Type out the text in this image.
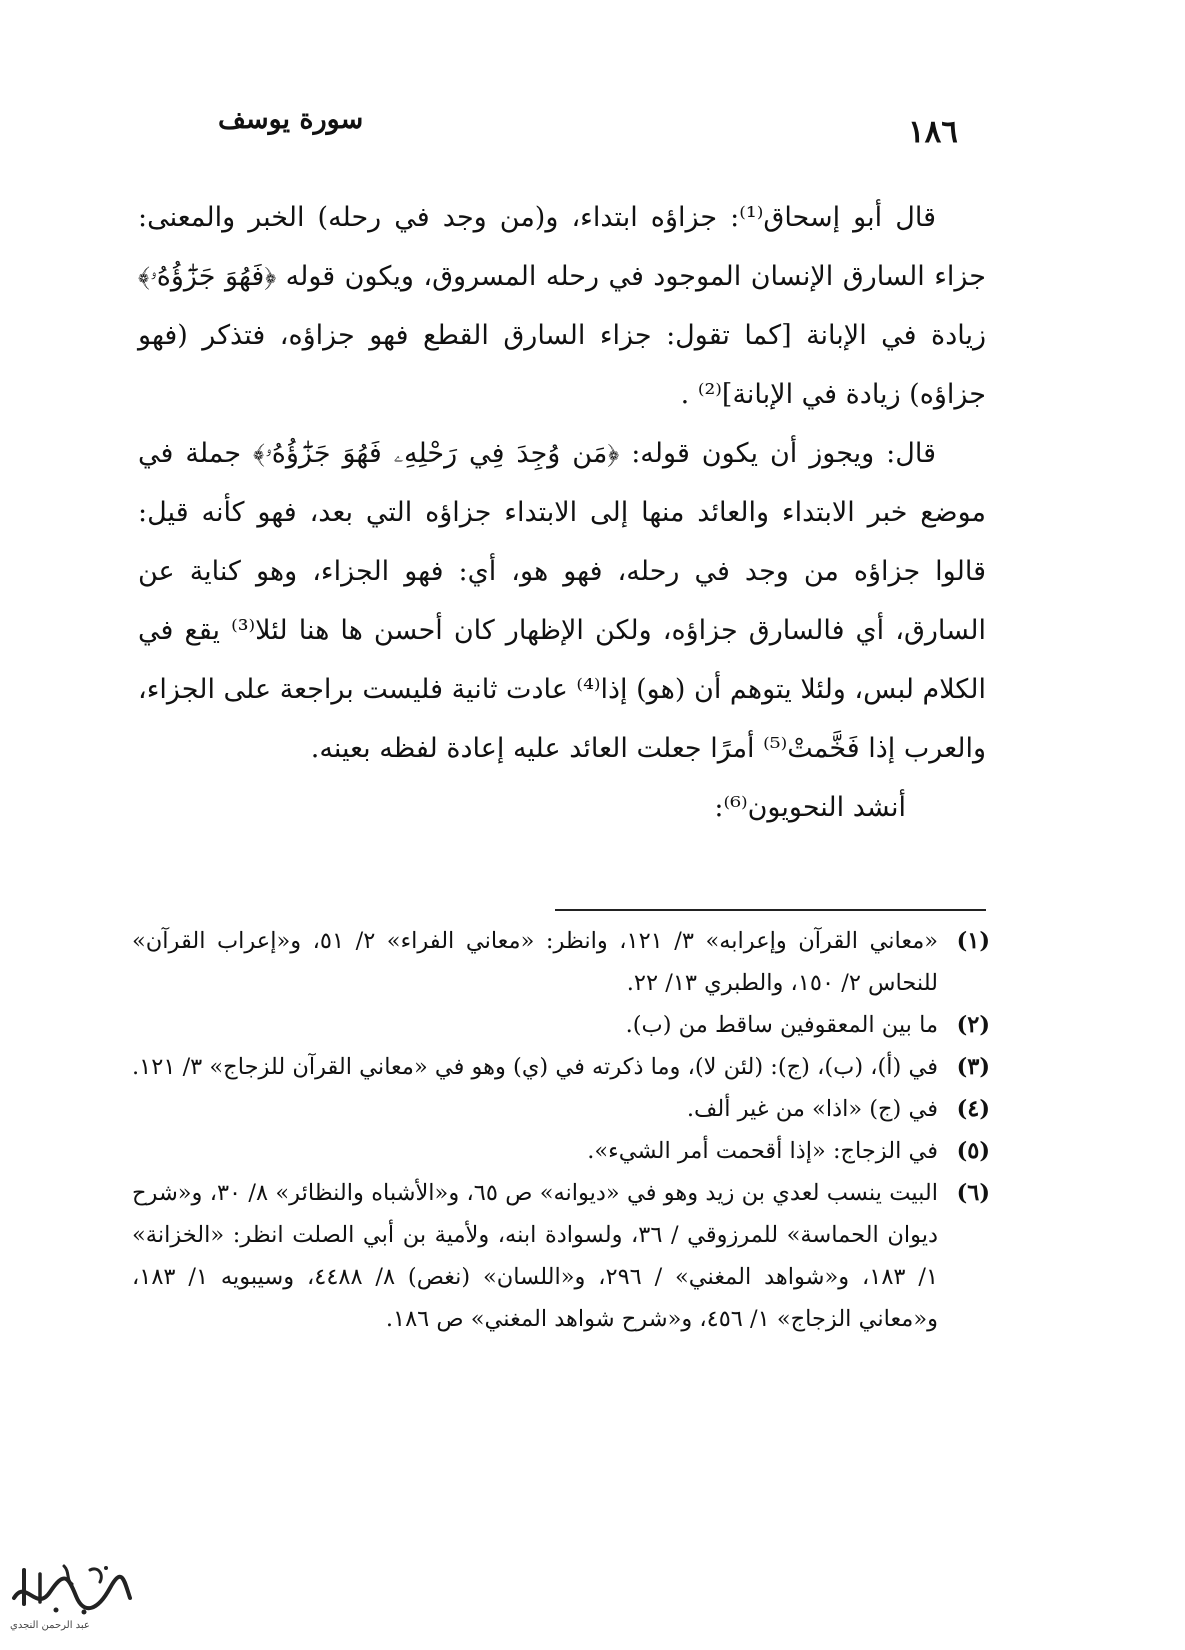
سورة يوسف	١٨٦

قال أبو إسحاق⁽¹⁾: جزاؤه ابتداء، و(من وجد في رحله) الخبر والمعنى: جزاء السارق الإنسان الموجود في رحله المسروق، ويكون قوله ﴿فَهُوَ جَزَٰٓؤُهُۥ﴾ زيادة في الإبانة [كما تقول: جزاء السارق القطع فهو جزاؤه، فتذكر (فهو جزاؤه) زيادة في الإبانة]⁽²⁾ .

قال: ويجوز أن يكون قوله: ﴿مَن وُجِدَ فِي رَحْلِهِۦ فَهُوَ جَزَٰٓؤُهُۥ﴾ جملة في موضع خبر الابتداء والعائد منها إلى الابتداء جزاؤه التي بعد، فهو كأنه قيل: قالوا جزاؤه من وجد في رحله، فهو هو، أي: فهو الجزاء، وهو كناية عن السارق، أي فالسارق جزاؤه، ولكن الإظهار كان أحسن ها هنا لئلا⁽³⁾ يقع في الكلام لبس، ولئلا يتوهم أن (هو) إذا⁽⁴⁾ عادت ثانية فليست براجعة على الجزاء، والعرب إذا فَخَّمتْ⁽⁵⁾ أمرًا جعلت العائد عليه إعادة لفظه بعينه.

أنشد النحويون⁽⁶⁾:

(١)
«معاني القرآن وإعرابه» ٣/ ١٢١، وانظر: «معاني الفراء» ٢/ ٥١، و«إعراب القرآن» للنحاس ٢/ ١٥٠، والطبري ١٣/ ٢٢.
(٢)
ما بين المعقوفين ساقط من (ب).
(٣)
في (أ)، (ب)، (ج): (لئن لا)، وما ذكرته في (ي) وهو في «معاني القرآن للزجاج» ٣/ ١٢١.
(٤)
في (ج) «اذا» من غير ألف.
(٥)
في الزجاج: «إذا أقحمت أمر الشيء».
(٦)
البيت ينسب لعدي بن زيد وهو في «ديوانه» ص ٦٥، و«الأشباه والنظائر» ٨/ ٣٠، و«شرح ديوان الحماسة» للمرزوقي / ٣٦، ولسوادة ابنه، ولأمية بن أبي الصلت انظر: «الخزانة» ١/ ١٨٣، و«شواهد المغني» / ٢٩٦، و«اللسان» (نغص) ٨/ ٤٤٨٨، وسيبويه ١/ ١٨٣، و«معاني الزجاج» ١/ ٤٥٦، و«شرح شواهد المغني» ص ١٨٦.
عبد الرحمن النجدي
